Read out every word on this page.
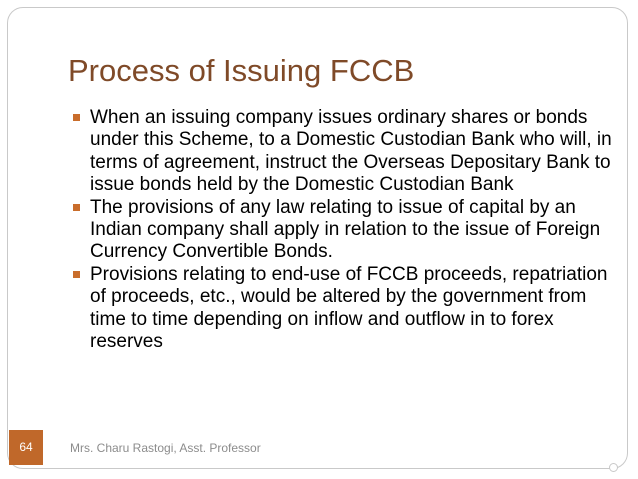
Process of Issuing FCCB
When an issuing company issues ordinary shares or bonds under this Scheme, to a Domestic Custodian Bank who will, in terms of agreement, instruct the Overseas Depositary Bank to issue bonds held by the Domestic Custodian Bank
The provisions of any law relating to issue of capital by an Indian company shall apply in relation to the issue of Foreign Currency Convertible Bonds.
Provisions relating to end-use of FCCB proceeds, repatriation of proceeds, etc., would be altered by the government from time to time depending on inflow and outflow in to forex reserves
64	Mrs. Charu Rastogi, Asst. Professor
